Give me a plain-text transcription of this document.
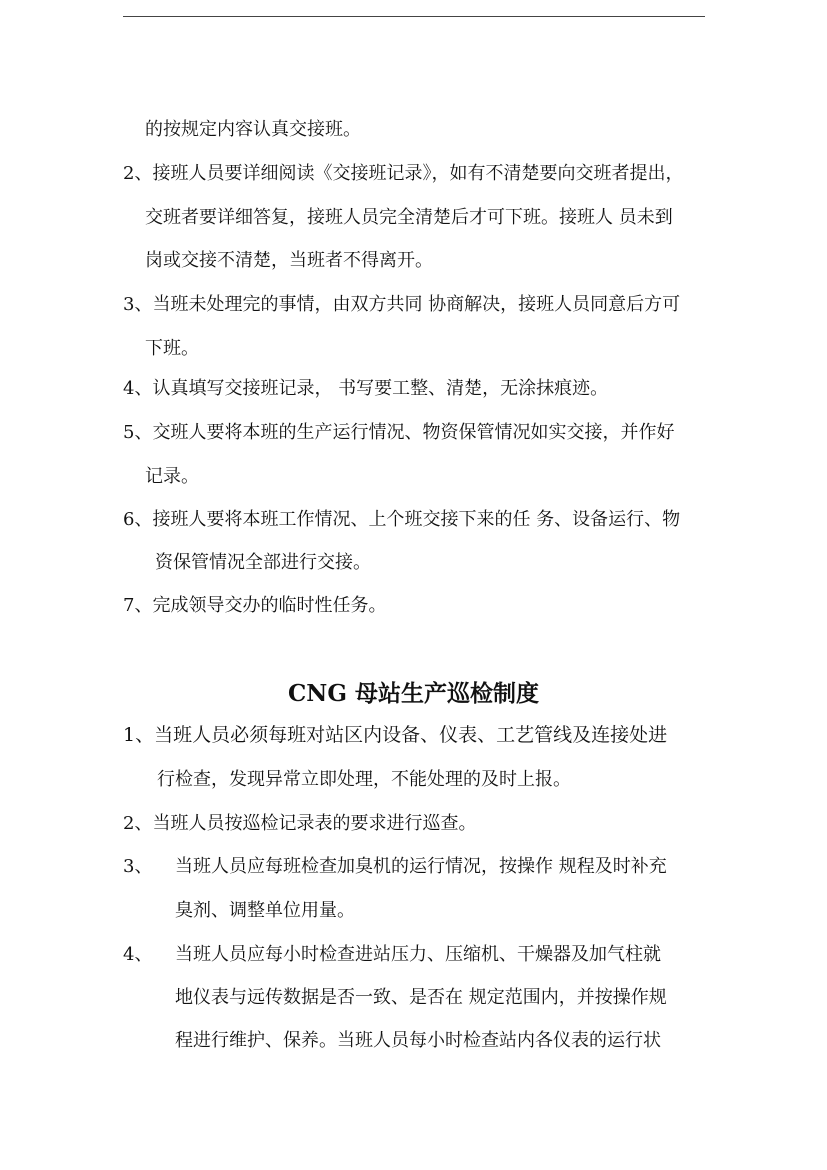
的按规定内容认真交接班。
2、接班人员要详细阅读《交接班记录》，如有不清楚要向交班者提出，
交班者要详细答复，接班人员完全清楚后才可下班。接班人 员未到
岗或交接不清楚，当班者不得离开。
3、当班未处理完的事情，由双方共同 协商解决，接班人员同意后方可
下班。
4、认真填写交接班记录， 书写要工整、清楚，无涂抹痕迹。
5、交班人要将本班的生产运行情况、物资保管情况如实交接，并作好
记录。
6、接班人要将本班工作情况、上个班交接下来的任 务、设备运行、物
资保管情况全部进行交接。
7、完成领导交办的临时性任务。
CNG 母站生产巡检制度
1、当班人员必须每班对站区内设备、仪表、工艺管线及连接处进
行检查，发现异常立即处理，不能处理的及时上报。
2、当班人员按巡检记录表的要求进行巡查。
3、 当班人员应每班检查加臭机的运行情况，按操作 规程及时补充
臭剂、调整单位用量。
4、 当班人员应每小时检查进站压力、压缩机、干燥器及加气柱就
地仪表与远传数据是否一致、是否在 规定范围内，并按操作规
程进行维护、保养。当班人员每小时检查站内各仪表的运行状
